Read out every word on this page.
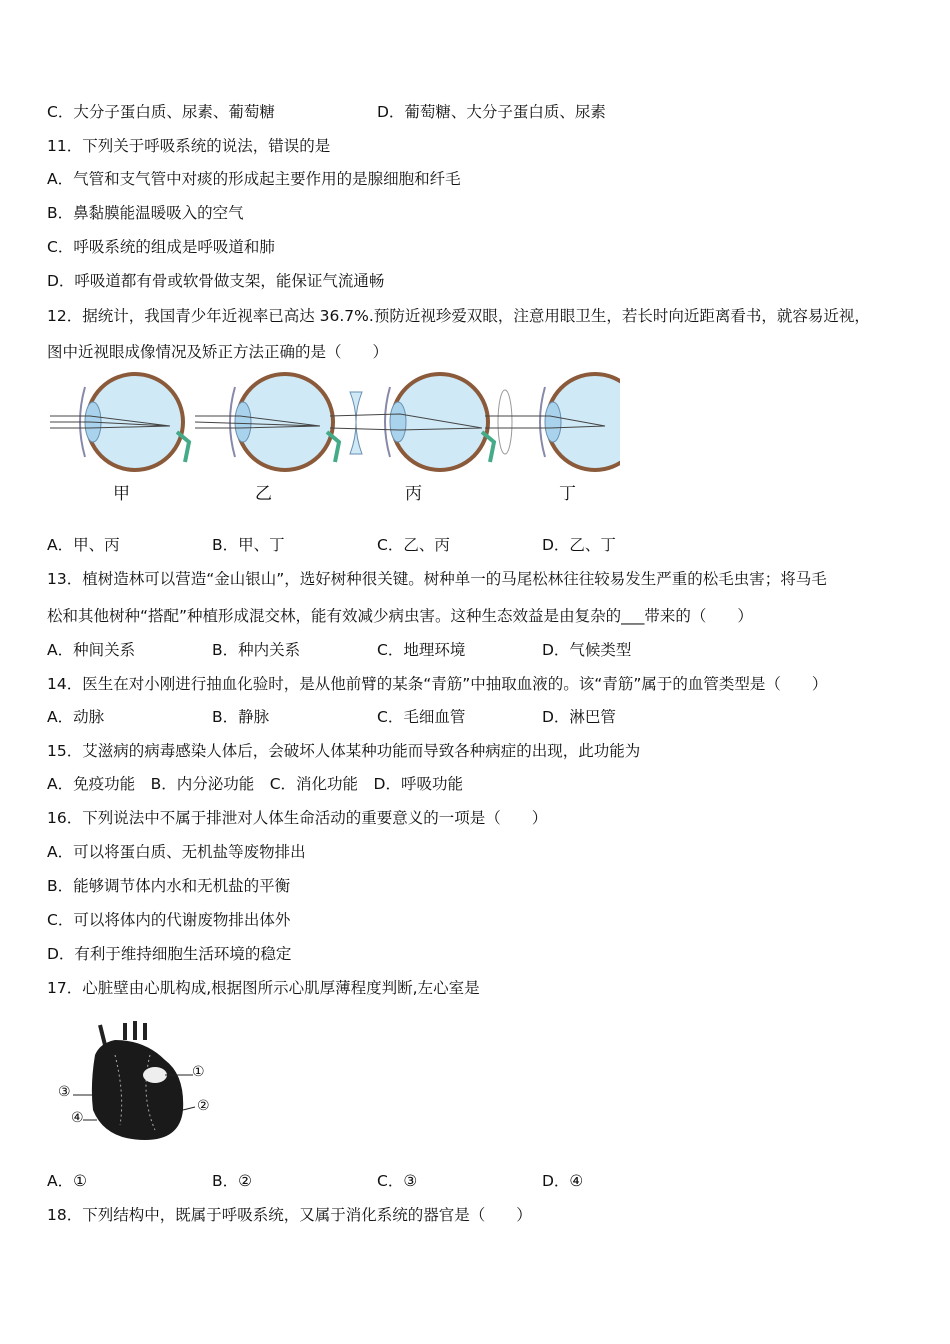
C．大分子蛋白质、尿素、葡萄糖	D．葡萄糖、大分子蛋白质、尿素
11．下列关于呼吸系统的说法，错误的是
A．气管和支气管中对痰的形成起主要作用的是腺细胞和纤毛
B．鼻黏膜能温暖吸入的空气
C．呼吸系统的组成是呼吸道和肺
D．呼吸道都有骨或软骨做支架，能保证气流通畅
12．据统计，我国青少年近视率已高达 36.7%.预防近视珍爱双眼，注意用眼卫生，若长时向近距离看书，就容易近视，
图中近视眼成像情况及矫正方法正确的是（　　）
甲	乙	丙	丁
A．甲、丙	B．甲、丁	C．乙、丙	D．乙、丁
13．植树造林可以营造“金山银山”，选好树种很关键。树种单一的马尾松林往往较易发生严重的松毛虫害；将马毛
松和其他树种“搭配”种植形成混交林，能有效减少病虫害。这种生态效益是由复杂的___带来的（　　）
A．种间关系	B．种内关系	C．地理环境	D．气候类型
14．医生在对小刚进行抽血化验时，是从他前臂的某条“青筋”中抽取血液的。该“青筋”属于的血管类型是（　　）
A．动脉	B．静脉	C．毛细血管	D．淋巴管
15．艾滋病的病毒感染人体后，会破坏人体某种功能而导致各种病症的出现，此功能为
A．免疫功能　B．内分泌功能　C．消化功能　D．呼吸功能
16．下列说法中不属于排泄对人体生命活动的重要意义的一项是（　　）
A．可以将蛋白质、无机盐等废物排出
B．能够调节体内水和无机盐的平衡
C．可以将体内的代谢废物排出体外
D．有利于维持细胞生活环境的稳定
17．心脏壁由心肌构成,根据图所示心肌厚薄程度判断,左心室是
①
②
③
④
A．①	B．②	C．③	D．④
18．下列结构中，既属于呼吸系统，又属于消化系统的器官是（　　）
